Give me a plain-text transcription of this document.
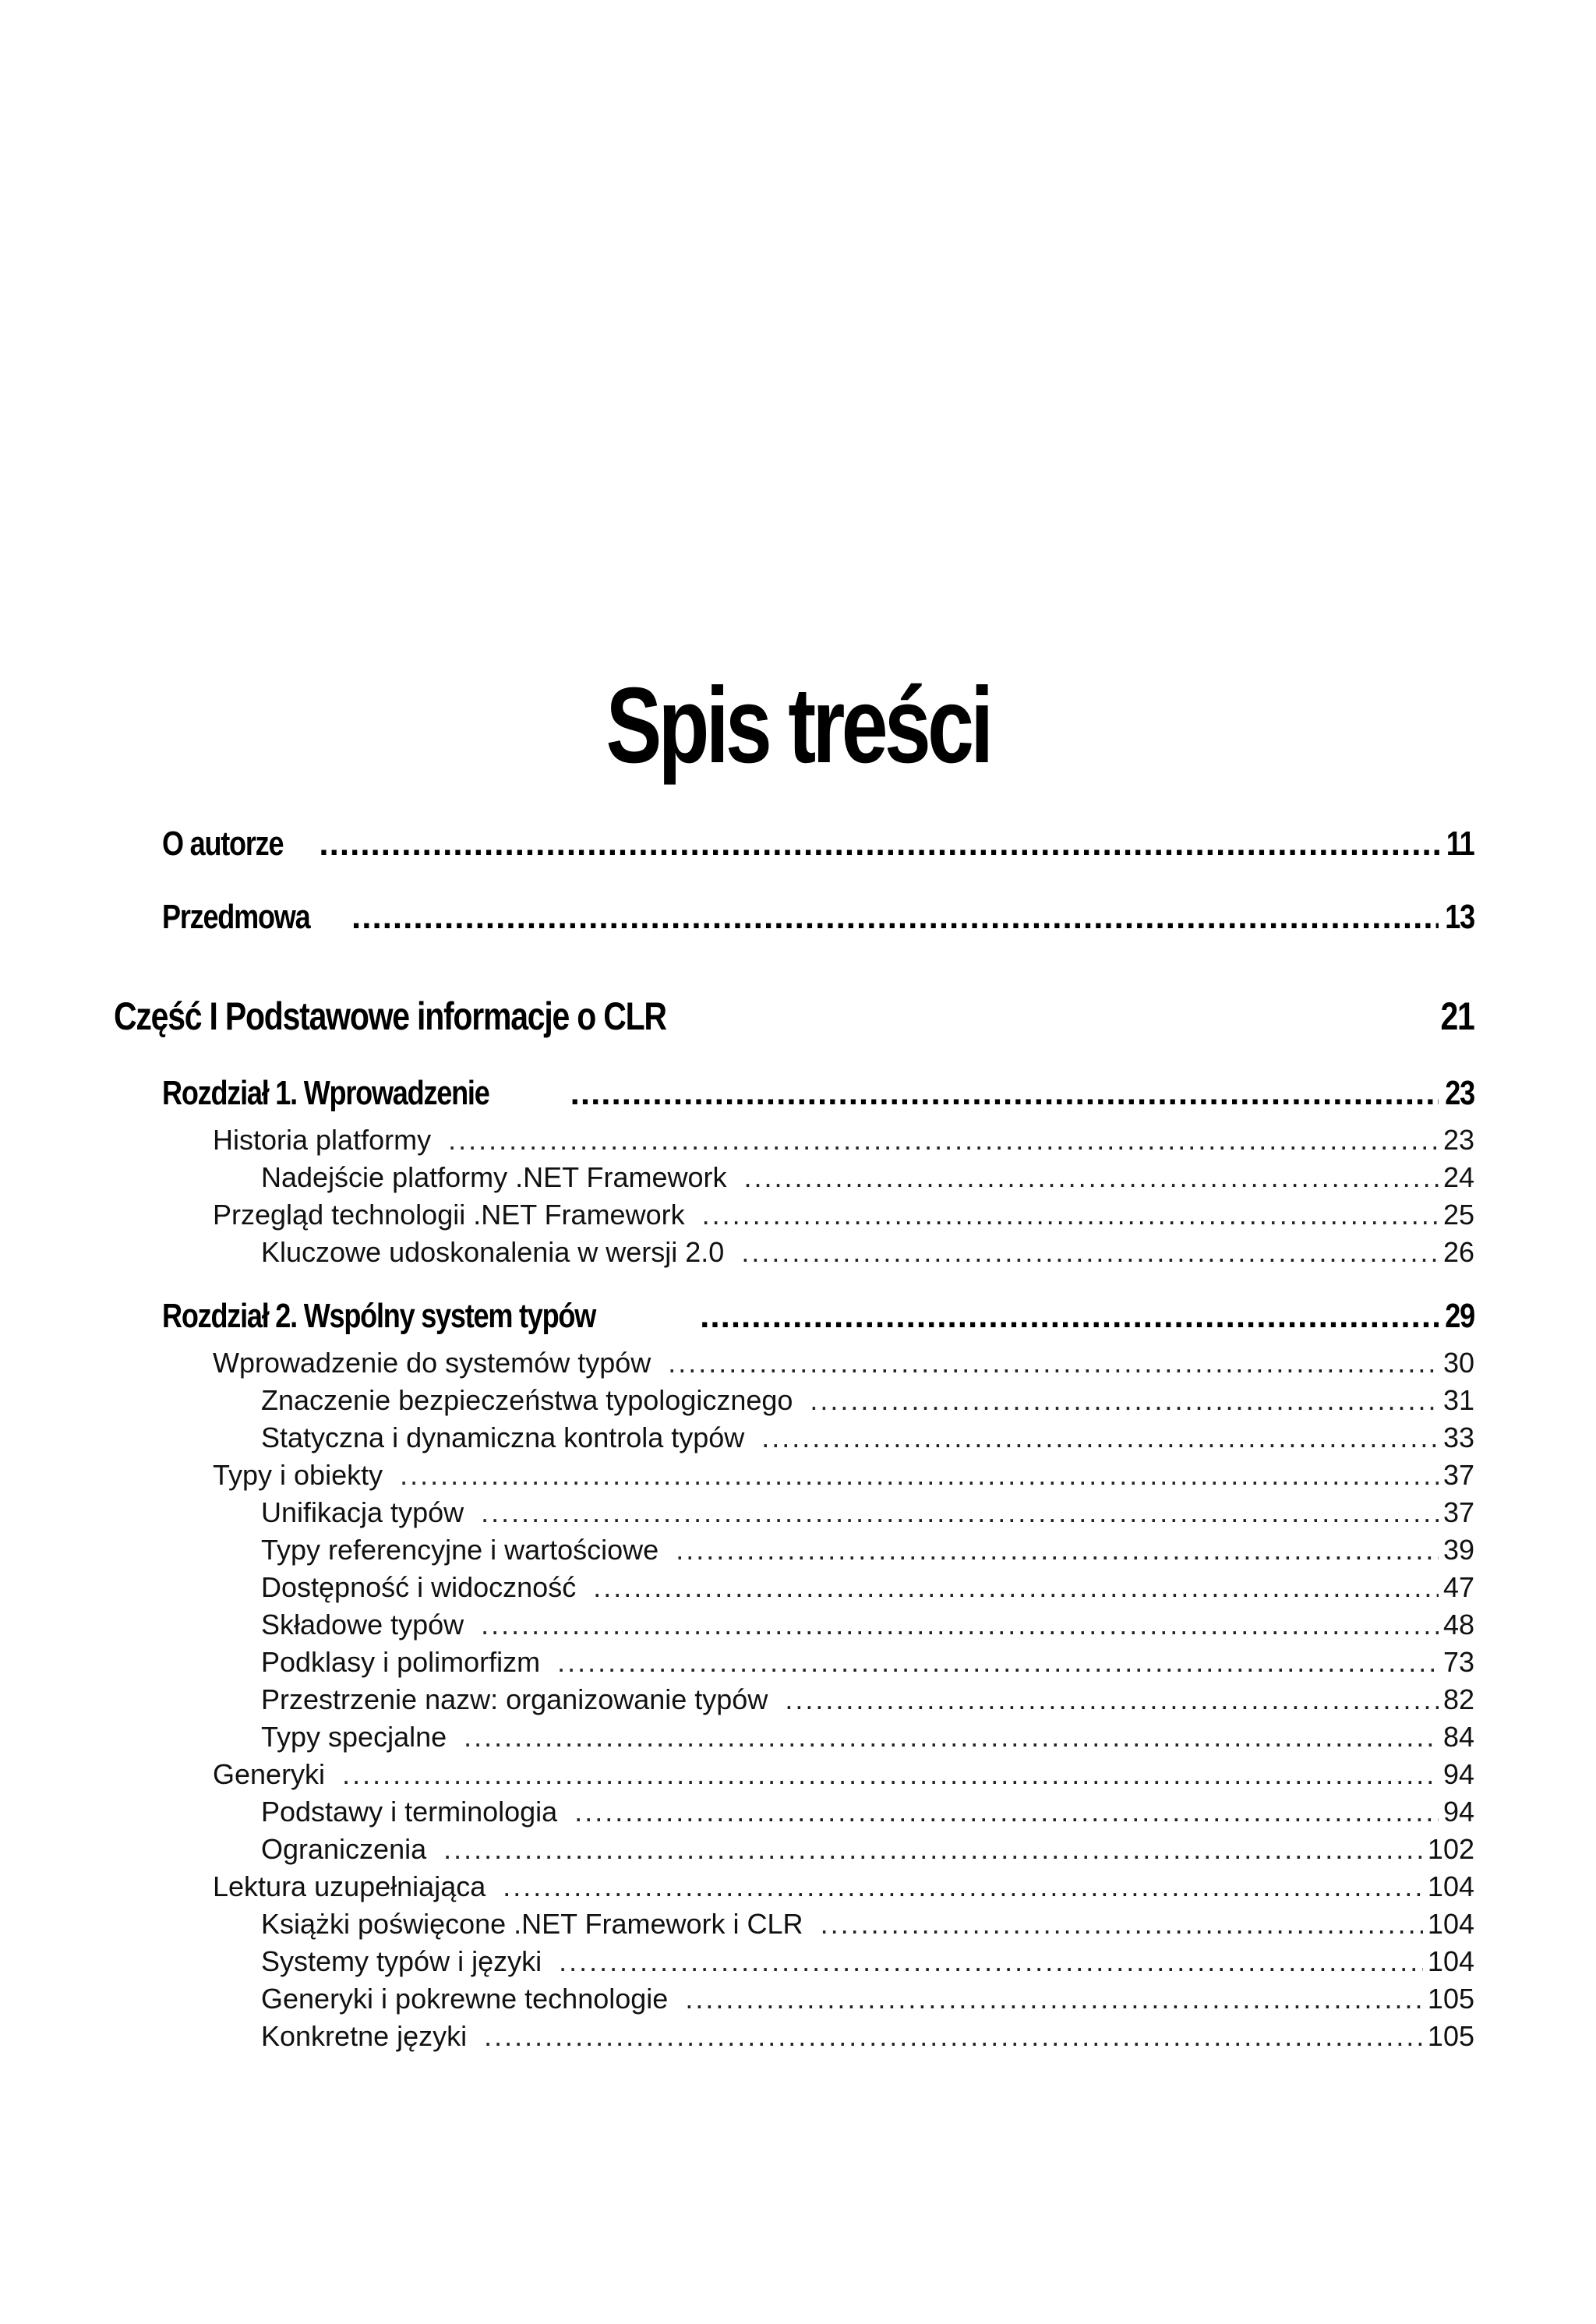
Spis treści
O autorze .....	11
Przedmowa .....	13
Część I Podstawowe informacje o CLR	21
Rozdział 1. Wprowadzenie .....	23
Historia platformy .....	23
Nadejście platformy .NET Framework .....	24
Przegląd technologii .NET Framework .....	25
Kluczowe udoskonalenia w wersji 2.0 .....	26
Rozdział 2. Wspólny system typów .....	29
Wprowadzenie do systemów typów .....	30
Znaczenie bezpieczeństwa typologicznego .....	31
Statyczna i dynamiczna kontrola typów .....	33
Typy i obiekty .....	37
Unifikacja typów .....	37
Typy referencyjne i wartościowe .....	39
Dostępność i widoczność .....	47
Składowe typów .....	48
Podklasy i polimorfizm .....	73
Przestrzenie nazw: organizowanie typów .....	82
Typy specjalne .....	84
Generyki .....	94
Podstawy i terminologia .....	94
Ograniczenia .....	102
Lektura uzupełniająca .....	104
Książki poświęcone .NET Framework i CLR .....	104
Systemy typów i języki .....	104
Generyki i pokrewne technologie .....	105
Konkretne języki .....	105
